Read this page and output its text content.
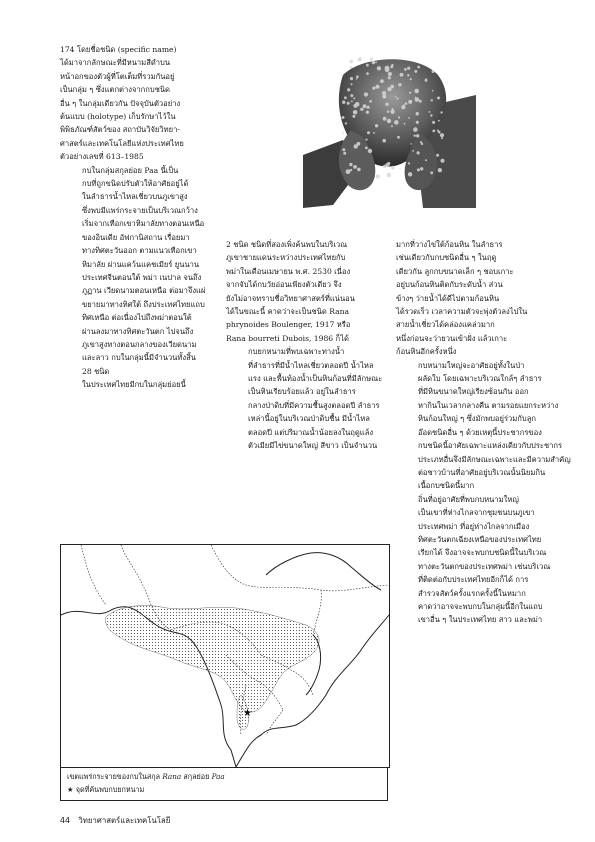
174 โดยชื่อชนิด (specific name)
ได้มาจากลักษณะที่มีหนามสีดำบน
หน้าอกของตัวผู้ที่โตเต็มที่รวมกันอยู่
เป็นกลุ่ม ๆ ซึ่งแตกต่างจากกบชนิด
อื่น ๆ ในกลุ่มเดียวกัน ปัจจุบันตัวอย่าง
ต้นแบบ (holotype) เก็บรักษาไว้ใน
พิพิธภัณฑ์สัตว์ของ สถาบันวิจัยวิทยา-
ศาสตร์และเทคโนโลยีแห่งประเทศไทย
ตัวอย่างเลขที่ 613–1985

กบในกลุ่มสกุลย่อย Paa นี้เป็น
กบที่ถูกขนิดปรับตัวให้อาศัยอยู่ได้
ในลำธารน้ำไหลเชี่ยวบนภูเขาสูง
ซึ่งพบมีแพร่กระจายเป็นบริเวณกว้าง
เริ่มจากเทือกเขาหิมาลัยทางตอนเหนือ
ของอินเดีย อัฟกานิสถาน เรื่อยมา
ทางทิศตะวันออก ตามแนวเทือกเขา
หิมาลัย ผ่านแคว้นแคชเมียร์ ยูนนาน
ประเทศจีนตอนใต้ พม่า เนปาล จนถึง
ภูฏาน เวียดนามตอนเหนือ ต่อมาจึงแผ่
ขยายมาทางทิศใต้ ถึงประเทศไทยแถบ
ทิศเหนือ ต่อเนื่องไปถึงพม่าตอนใต้
ผ่านลงมาทางทิศตะวันตก ไปจนถึง
ภูเขาสูงทางตอนกลางของเวียดนาม
และลาว กบในกลุ่มนี้มีจำนวนทั้งสิ้น
28 ชนิด

ในประเทศไทยมีกบในกลุ่มย่อยนี้

2 ชนิด ชนิดที่สองเพิ่งค้นพบในบริเวณ
ภูเขาชายแดนระหว่างประเทศไทยกับ
พม่าในเดือนเมษายน พ.ศ. 2530 เนื่อง
จากจับได้กบวัยอ่อนเพียงตัวเดียว จึง
ยังไม่อาจทราบชื่อวิทยาศาสตร์ที่แน่นอน
ได้ในขณะนี้ คาดว่าจะเป็นชนิด Rana
phrynoides Boulenger, 1917 หรือ
Rana bourreti Dubois, 1986 ก็ได้

กบยกหนามที่พบเฉพาะทางน้ำ
ที่ลำธารที่มีน้ำไหลเชี่ยวตลอดปี น้ำไหล
แรง และพื้นท้องน้ำเป็นหินก้อนที่มีลักษณะ
เป็นหินเรียบร้อยแล้ว อยู่ในลำธาร
กลางป่าดิบที่มีความชื้นสูงตลอดปี ลำธาร
เหล่านี้อยู่ในบริเวณป่าดิบชื้น มีน้ำไหล
ตลอดปี แต่ปริมาณน้ำน้อยลงในฤดูแล้ง
ตัวเมียมีไข่ขนาดใหญ่ สีขาว เป็นจำนวน

มากที่วางไข่ใต้ก้อนหิน ในลำธาร
เช่นเดียวกับกบชนิดอื่น ๆ ในฤดู
เดียวกัน ลูกกบขนาดเล็ก ๆ ชอบเกาะ
อยู่บนก้อนหินติดกับระดับน้ำ ส่วน
ข้างๆ ว่ายน้ำได้ดีไปตามก้อนหิน
ได้รวดเร็ว เวลาความตัวจะพุ่งตัวลงไปใน
สายน้ำเชี่ยวได้คล่องแคล่วมาก
หนึ่งก่อนจะว่ายวนเข้าฝั่ง แล้วเกาะ
ก้อนหินอีกครั้งหนึ่ง

กบหนามใหญ่จะอาศัยอยู่ทั้งในป่า
ผลัดใบ โดยเฉพาะบริเวณใกล้ๆ ลำธาร
ที่มีหินขนาดใหญ่เรียงซ้อนกัน ออก
หากินในเวลากลางคืน ตามรอยแยกระหว่าง
หินก้อนใหญ่ ๆ ซึ่งมักพบอยู่ร่วมกับลูก
อ๊อดชนิดอื่น ๆ ด้วยเหตุนี้ประชากรของ
กบชนิดนี้อาศัยเฉพาะแหล่งเดียวกับประชากร
ประเภทอื่นจึงมีลักษณะเฉพาะและมีความสำคัญ
ต่อชาวบ้านที่อาศัยอยู่บริเวณนั้นนิยมกิน
เนื้อกบชนิดนี้มาก

ถิ่นที่อยู่อาศัยที่พบกบหนามใหญ่
เป็นเขาที่ห่างไกลจากชุมชนบนภูเขา
ประเทศพม่า ที่อยู่ห่างไกลจากเมือง
ทิศตะวันตกเฉียงเหนือของประเทศไทย
เรียกได้ จึงอาจจะพบกบชนิดนี้ในบริเวณ
ทางตะวันตกของประเทศพม่า เช่นบริเวณ
ที่ติดต่อกับประเทศไทยอีกก็ได้ การ
สำรวจสัตว์ครั้งแรกครั้งนี้ในหมาก
คาดว่าอาจจะพบกบในกลุ่มนี้อีกในแถบ
เขาอื่น ๆ ในประเทศไทย สาว และพม่า

★
เขตแพร่กระจายของกบในสกุล Rana สกุลย่อย Paa
★ จุดที่ค้นพบกบยกหนาม
44 วิทยาศาสตร์และเทคโนโลยี
